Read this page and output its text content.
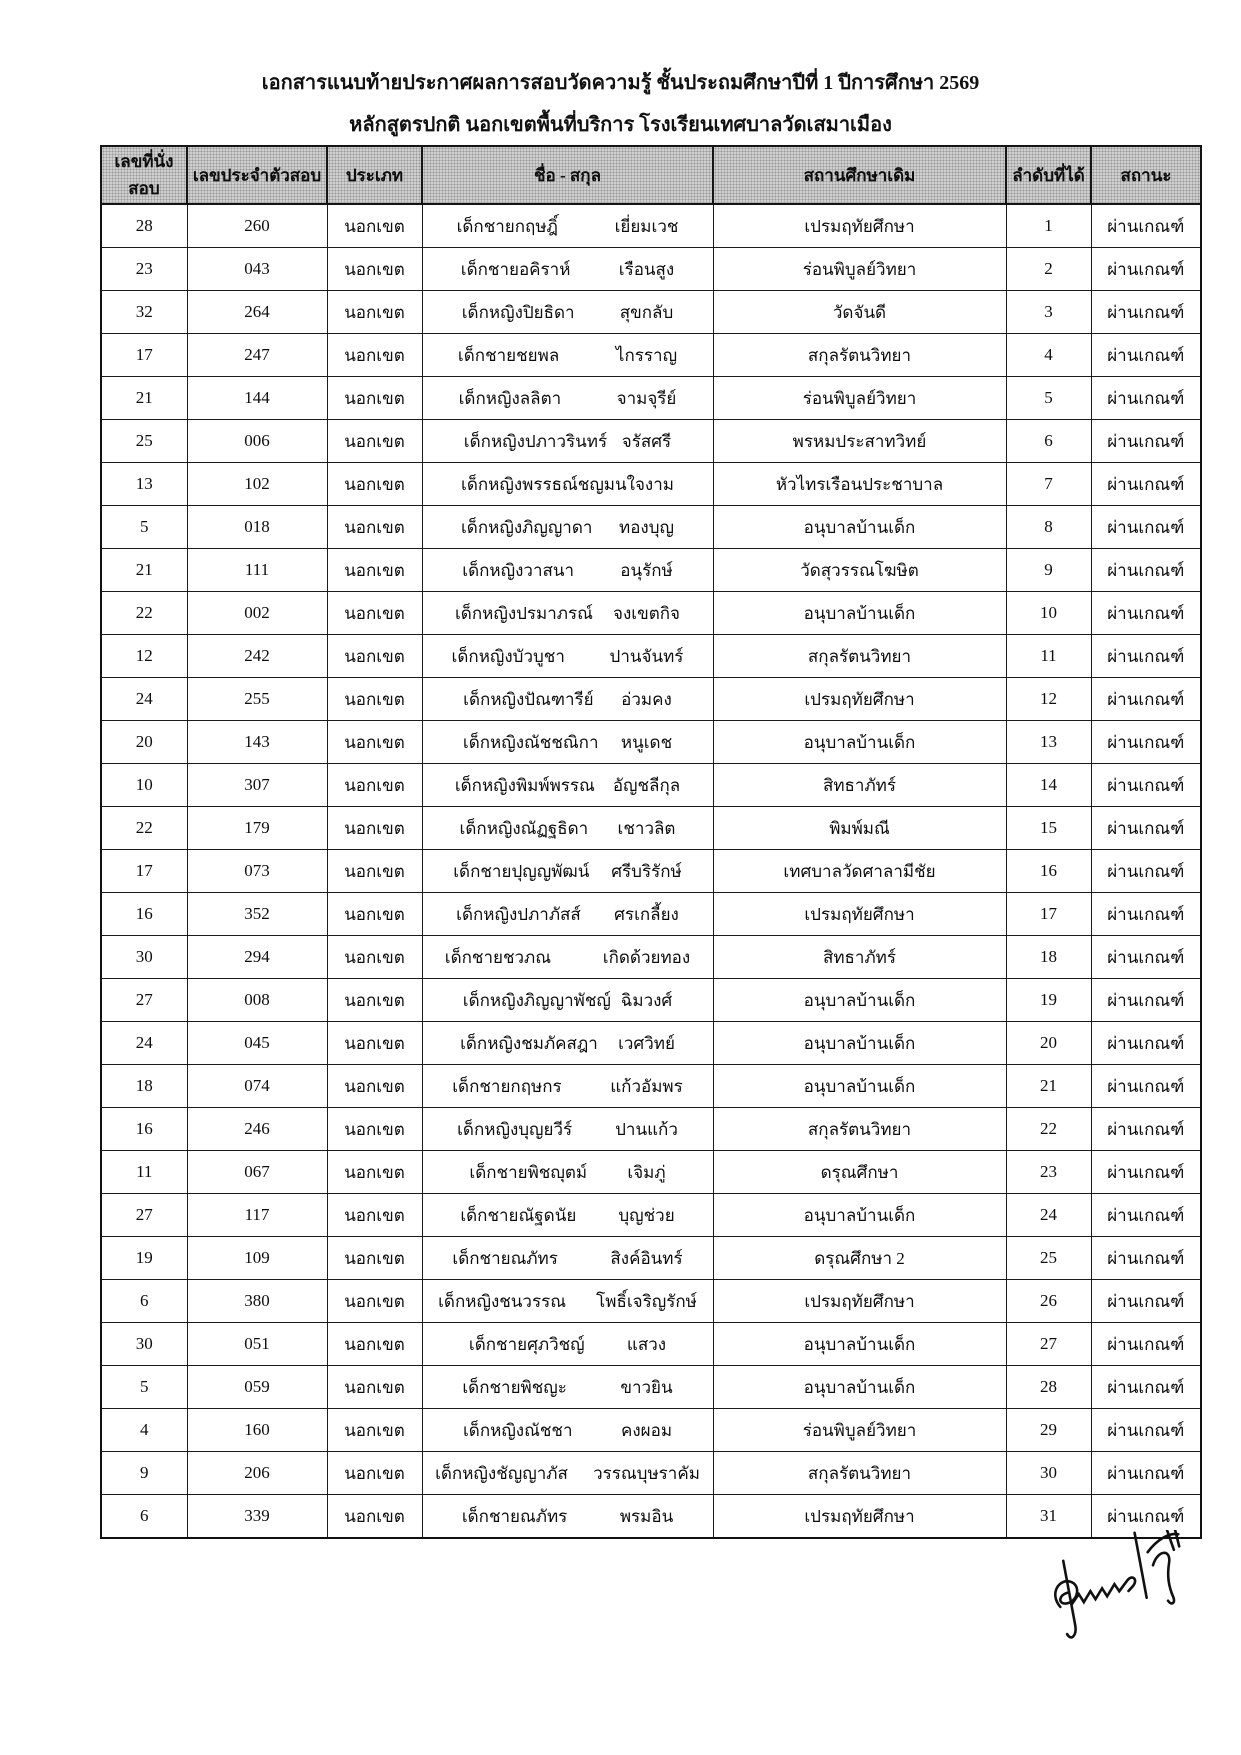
เอกสารแนบท้ายประกาศผลการสอบวัดความรู้ ชั้นประถมศึกษาปีที่ 1 ปีการศึกษา 2569
หลักสูตรปกติ นอกเขตพื้นที่บริการ โรงเรียนเทศบาลวัดเสมาเมือง
เลขที่นั่งสอบ	เลขประจำตัวสอบ	ประเภท	ชื่อ - สกุล	สถานศึกษาเดิม	ลำดับที่ได้	สถานะ
28	260	นอกเขต	เด็กชายกฤษฎิ์ เยี่ยมเวช	เปรมฤทัยศึกษา	1	ผ่านเกณฑ์
23	043	นอกเขต	เด็กชายอคิราห์ เรือนสูง	ร่อนพิบูลย์วิทยา	2	ผ่านเกณฑ์
32	264	นอกเขต	เด็กหญิงปิยธิดา สุขกลับ	วัดจันดี	3	ผ่านเกณฑ์
17	247	นอกเขต	เด็กชายชยพล ไกรราญ	สกุลรัตนวิทยา	4	ผ่านเกณฑ์
21	144	นอกเขต	เด็กหญิงลลิตา จามจุรีย์	ร่อนพิบูลย์วิทยา	5	ผ่านเกณฑ์
25	006	นอกเขต	เด็กหญิงปภาวรินทร์ จรัสศรี	พรหมประสาทวิทย์	6	ผ่านเกณฑ์
13	102	นอกเขต	เด็กหญิงพรรธณ์ชญมนใจงาม	หัวไทรเรือนประชาบาล	7	ผ่านเกณฑ์
5	018	นอกเขต	เด็กหญิงภิญญาดา ทองบุญ	อนุบาลบ้านเด็ก	8	ผ่านเกณฑ์
21	111	นอกเขต	เด็กหญิงวาสนา อนุรักษ์	วัดสุวรรณโฆษิต	9	ผ่านเกณฑ์
22	002	นอกเขต	เด็กหญิงปรมาภรณ์ จงเขตกิจ	อนุบาลบ้านเด็ก	10	ผ่านเกณฑ์
12	242	นอกเขต	เด็กหญิงบัวบูชา ปานจันทร์	สกุลรัตนวิทยา	11	ผ่านเกณฑ์
24	255	นอกเขต	เด็กหญิงปัณฑารีย์ อ่วมคง	เปรมฤทัยศึกษา	12	ผ่านเกณฑ์
20	143	นอกเขต	เด็กหญิงณัชชณิกา หนูเดช	อนุบาลบ้านเด็ก	13	ผ่านเกณฑ์
10	307	นอกเขต	เด็กหญิงพิมพ์พรรณ อัญชลีกุล	สิทธาภัทร์	14	ผ่านเกณฑ์
22	179	นอกเขต	เด็กหญิงณัฏฐธิดา เชาวลิต	พิมพ์มณี	15	ผ่านเกณฑ์
17	073	นอกเขต	เด็กชายปุญญพัฒน์ ศรีบริรักษ์	เทศบาลวัดศาลามีชัย	16	ผ่านเกณฑ์
16	352	นอกเขต	เด็กหญิงปภาภัสส์ ศรเกลี้ยง	เปรมฤทัยศึกษา	17	ผ่านเกณฑ์
30	294	นอกเขต	เด็กชายชวภณ เกิดด้วยทอง	สิทธาภัทร์	18	ผ่านเกณฑ์
27	008	นอกเขต	เด็กหญิงภิญญาพัชญ์ ฉิมวงศ์	อนุบาลบ้านเด็ก	19	ผ่านเกณฑ์
24	045	นอกเขต	เด็กหญิงชมภัคสฎา เวศวิทย์	อนุบาลบ้านเด็ก	20	ผ่านเกณฑ์
18	074	นอกเขต	เด็กชายกฤษกร แก้วอัมพร	อนุบาลบ้านเด็ก	21	ผ่านเกณฑ์
16	246	นอกเขต	เด็กหญิงบุญยวีร์ ปานแก้ว	สกุลรัตนวิทยา	22	ผ่านเกณฑ์
11	067	นอกเขต	เด็กชายพิชญุตม์ เจิมภู่	ดรุณศึกษา	23	ผ่านเกณฑ์
27	117	นอกเขต	เด็กชายณัฐดนัย บุญช่วย	อนุบาลบ้านเด็ก	24	ผ่านเกณฑ์
19	109	นอกเขต	เด็กชายณภัทร สิงค์อินทร์	ดรุณศึกษา 2	25	ผ่านเกณฑ์
6	380	นอกเขต	เด็กหญิงชนวรรณ โพธิ์เจริญรักษ์	เปรมฤทัยศึกษา	26	ผ่านเกณฑ์
30	051	นอกเขต	เด็กชายศุภวิชญ์ แสวง	อนุบาลบ้านเด็ก	27	ผ่านเกณฑ์
5	059	นอกเขต	เด็กชายพิชญะ ขาวยิน	อนุบาลบ้านเด็ก	28	ผ่านเกณฑ์
4	160	นอกเขต	เด็กหญิงณัชชา คงผอม	ร่อนพิบูลย์วิทยา	29	ผ่านเกณฑ์
9	206	นอกเขต	เด็กหญิงชัญญาภัส วรรณบุษราคัม	สกุลรัตนวิทยา	30	ผ่านเกณฑ์
6	339	นอกเขต	เด็กชายณภัทร พรมอิน	เปรมฤทัยศึกษา	31	ผ่านเกณฑ์
